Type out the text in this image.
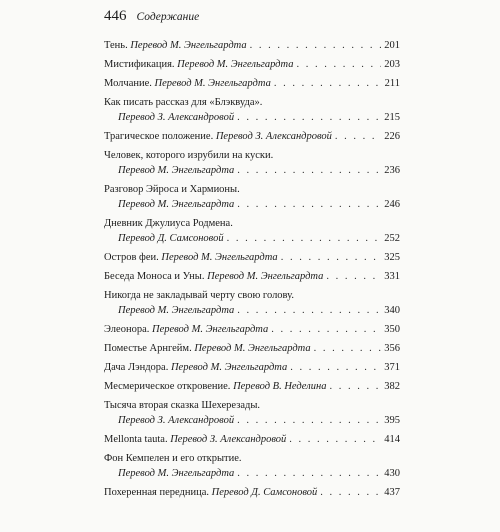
446 Содержание
Тень.
Перевод М. Энгельгардта . . .	201
Мистификация.
Перевод М. Энгельгардта . . .	203
Молчание.
Перевод М. Энгельгардта . . .	211
Как писать рассказ для «Блэквуда».
Перевод З. Александровой . . .	215
Трагическое положение.
Перевод З. Александровой . . .	226
Человек, которого изрубили на куски.
Перевод М. Энгельгардта . . .	236
Разговор Эйроса и Хармионы.
Перевод М. Энгельгардта . . .	246
Дневник Джулиуса Родмена.
Перевод Д. Самсоновой . . .	252
Остров феи.
Перевод М. Энгельгардта . . .	325
Беседа Моноса и Уны.
Перевод М. Энгельгардта . . .	331
Никогда не закладывай черту свою голову.
Перевод М. Энгельгардта . . .	340
Элеонора.
Перевод М. Энгельгардта . . .	350
Поместье Арнгейм.
Перевод М. Энгельгардта . . .	356
Дача Лэндора.
Перевод М. Энгельгардта . . .	371
Месмерическое откровение.
Перевод В. Неделина . . .	382
Тысяча вторая сказка Шехерезады.
Перевод З. Александровой . . .	395
Mellonta tauta.
Перевод З. Александровой . . .	414
Фон Кемпелен и его открытие.
Перевод М. Энгельгардта . . .	430
Похеренная передница.
Перевод Д. Самсоновой . . .	437
